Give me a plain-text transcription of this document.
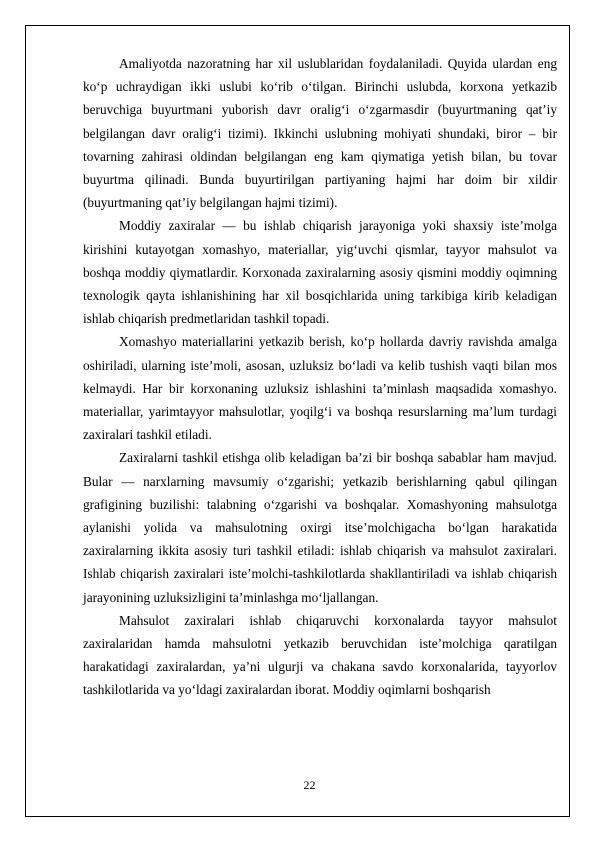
Amaliyotda nazoratning har xil uslublaridan foydalaniladi. Quyida ulardan eng ko‘p uchraydigan ikki uslubi ko‘rib o‘tilgan. Birinchi uslubda, korxona yetkazib beruvchiga buyurtmani yuborish davr oralig‘i o‘zgarmasdir (buyurtmaning qat’iy belgilangan davr oralig‘i tizimi). Ikkinchi uslubning mohiyati shundaki, biror – bir tovarning zahirasi oldindan belgilangan eng kam qiymatiga yetish bilan, bu tovar buyurtma qilinadi. Bunda buyurtirilgan partiyaning hajmi har doim bir xildir (buyurtmaning qat’iy belgilangan hajmi tizimi).

Moddiy zaxiralar — bu ishlab chiqarish jarayoniga yoki shaxsiy iste’molga kirishini kutayotgan xomashyo, materiallar, yig‘uvchi qismlar, tayyor mahsulot va boshqa moddiy qiymatlardir. Korxonada zaxiralarning asosiy qismini moddiy oqimning texnologik qayta ishlanishining har xil bosqichlarida uning tarkibiga kirib keladigan ishlab chiqarish predmetlaridan tashkil topadi.

Xomashyo materiallarini yetkazib berish, ko‘p hollarda davriy ravishda amalga oshiriladi, ularning iste’moli, asosan, uzluksiz bo‘ladi va kelib tushish vaqti bilan mos kelmaydi. Har bir korxonaning uzluksiz ishlashini ta’minlash maqsadida xomashyo. materiallar, yarimtayyor mahsulotlar, yoqilg‘i va boshqa resurslarning ma’lum turdagi zaxiralari tashkil etiladi.

Zaxiralarni tashkil etishga olib keladigan ba’zi bir boshqa sabablar ham mavjud. Bular — narxlarning mavsumiy o‘zgarishi; yetkazib berishlarning qabul qilingan grafigining buzilishi: talabning o‘zgarishi va boshqalar. Xomashyoning mahsulotga aylanishi yolida va mahsulotning oxirgi itse’molchigacha bo‘lgan harakatida zaxiralarning ikkita asosiy turi tashkil etiladi: ishlab chiqarish va mahsulot zaxiralari. Ishlab chiqarish zaxiralari iste’molchi-tashkilotlarda shakllantiriladi va ishlab chiqarish jarayonining uzluksizligini ta’minlashga mo‘ljallangan.

Mahsulot zaxiralari ishlab chiqaruvchi korxonalarda tayyor mahsulot zaxiralaridan hamda mahsulotni yetkazib beruvchidan iste’molchiga qaratilgan harakatidagi zaxiralardan, ya’ni ulgurji va chakana savdo korxonalarida, tayyorlov tashkilotlarida va yo‘ldagi zaxiralardan iborat. Moddiy oqimlarni boshqarish

22
